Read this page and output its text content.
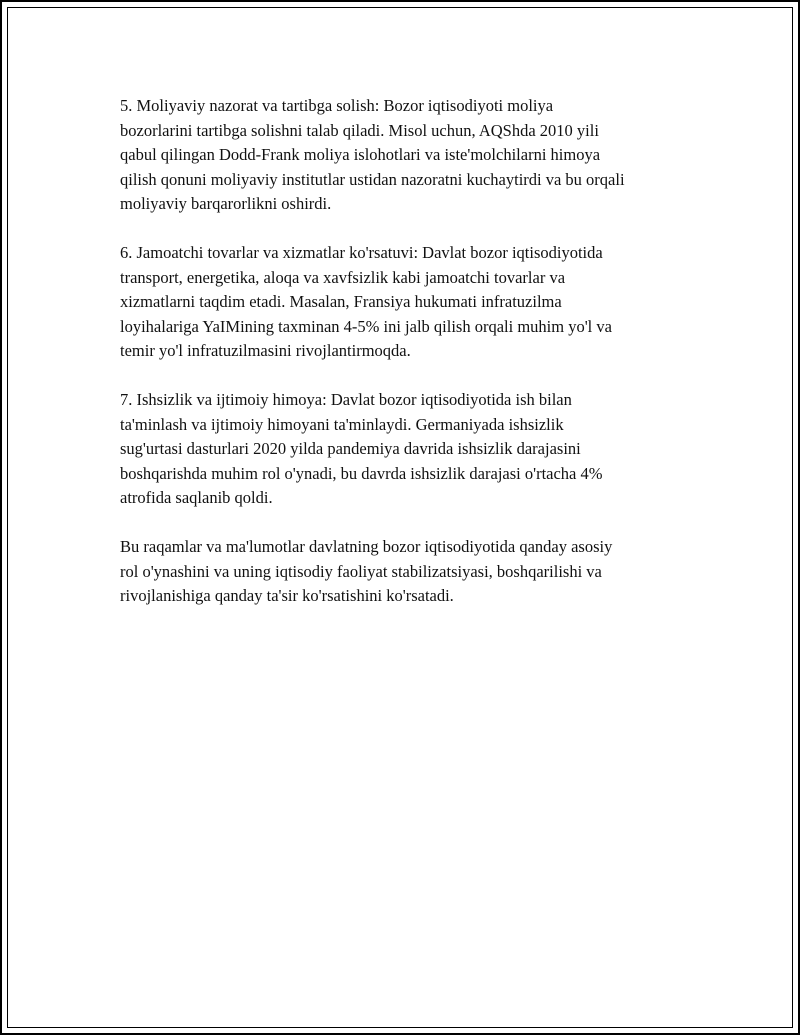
5. Moliyaviy nazorat va tartibga solish: Bozor iqtisodiyoti moliya
bozorlarini tartibga solishni talab qiladi. Misol uchun, AQShda 2010 yili
qabul qilingan Dodd-Frank moliya islohotlari va iste'molchilarni himoya
qilish qonuni moliyaviy institutlar ustidan nazoratni kuchaytirdi va bu orqali
moliyaviy barqarorlikni oshirdi.

6. Jamoatchi tovarlar va xizmatlar ko'rsatuvi: Davlat bozor iqtisodiyotida
transport, energetika, aloqa va xavfsizlik kabi jamoatchi tovarlar va
xizmatlarni taqdim etadi. Masalan, Fransiya hukumati infratuzilma
loyihalariga YaIMining taxminan 4-5% ini jalb qilish orqali muhim yo'l va
temir yo'l infratuzilmasini rivojlantirmoqda.

7. Ishsizlik va ijtimoiy himoya: Davlat bozor iqtisodiyotida ish bilan
ta'minlash va ijtimoiy himoyani ta'minlaydi. Germaniyada ishsizlik
sug'urtasi dasturlari 2020 yilda pandemiya davrida ishsizlik darajasini
boshqarishda muhim rol o'ynadi, bu davrda ishsizlik darajasi o'rtacha 4%
atrofida saqlanib qoldi.

Bu raqamlar va ma'lumotlar davlatning bozor iqtisodiyotida qanday asosiy
rol o'ynashini va uning iqtisodiy faoliyat stabilizatsiyasi, boshqarilishi va
rivojlanishiga qanday ta'sir ko'rsatishini ko'rsatadi.
